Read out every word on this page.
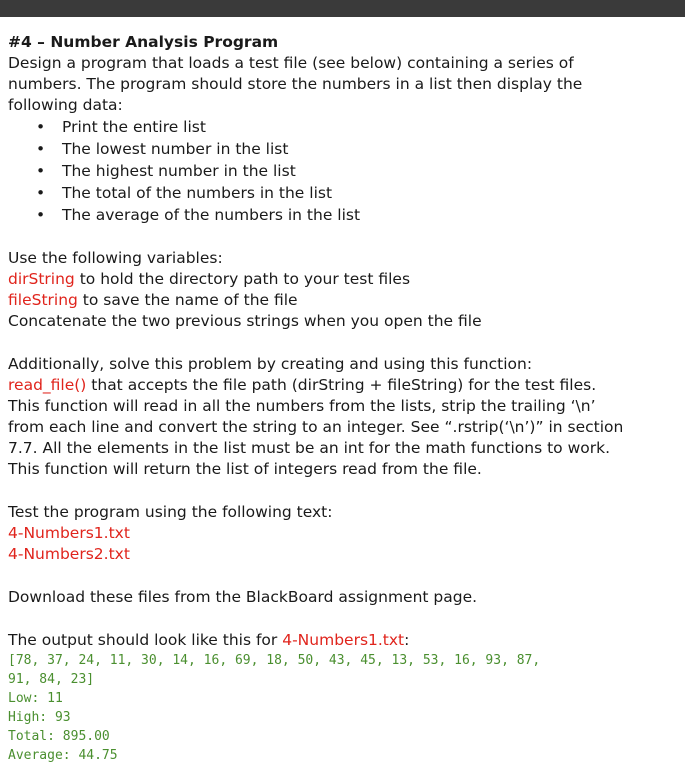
#4 – Number Analysis Program
Design a program that loads a test file (see below) containing a series of
numbers. The program should store the numbers in a list then display the
following data:
• Print the entire list
• The lowest number in the list
• The highest number in the list
• The total of the numbers in the list
• The average of the numbers in the list
Use the following variables:
dirString to hold the directory path to your test files
fileString to save the name of the file
Concatenate the two previous strings when you open the file
Additionally, solve this problem by creating and using this function:
read_file() that accepts the file path (dirString + fileString) for the test files.
This function will read in all the numbers from the lists, strip the trailing ‘\n’
from each line and convert the string to an integer. See “.rstrip(‘\n’)” in section
7.7. All the elements in the list must be an int for the math functions to work.
This function will return the list of integers read from the file.
Test the program using the following text:
4-Numbers1.txt
4-Numbers2.txt
Download these files from the BlackBoard assignment page.
The output should look like this for 4-Numbers1.txt:
[78, 37, 24, 11, 30, 14, 16, 69, 18, 50, 43, 45, 13, 53, 16, 93, 87,
91, 84, 23]
Low: 11
High: 93
Total: 895.00
Average: 44.75
